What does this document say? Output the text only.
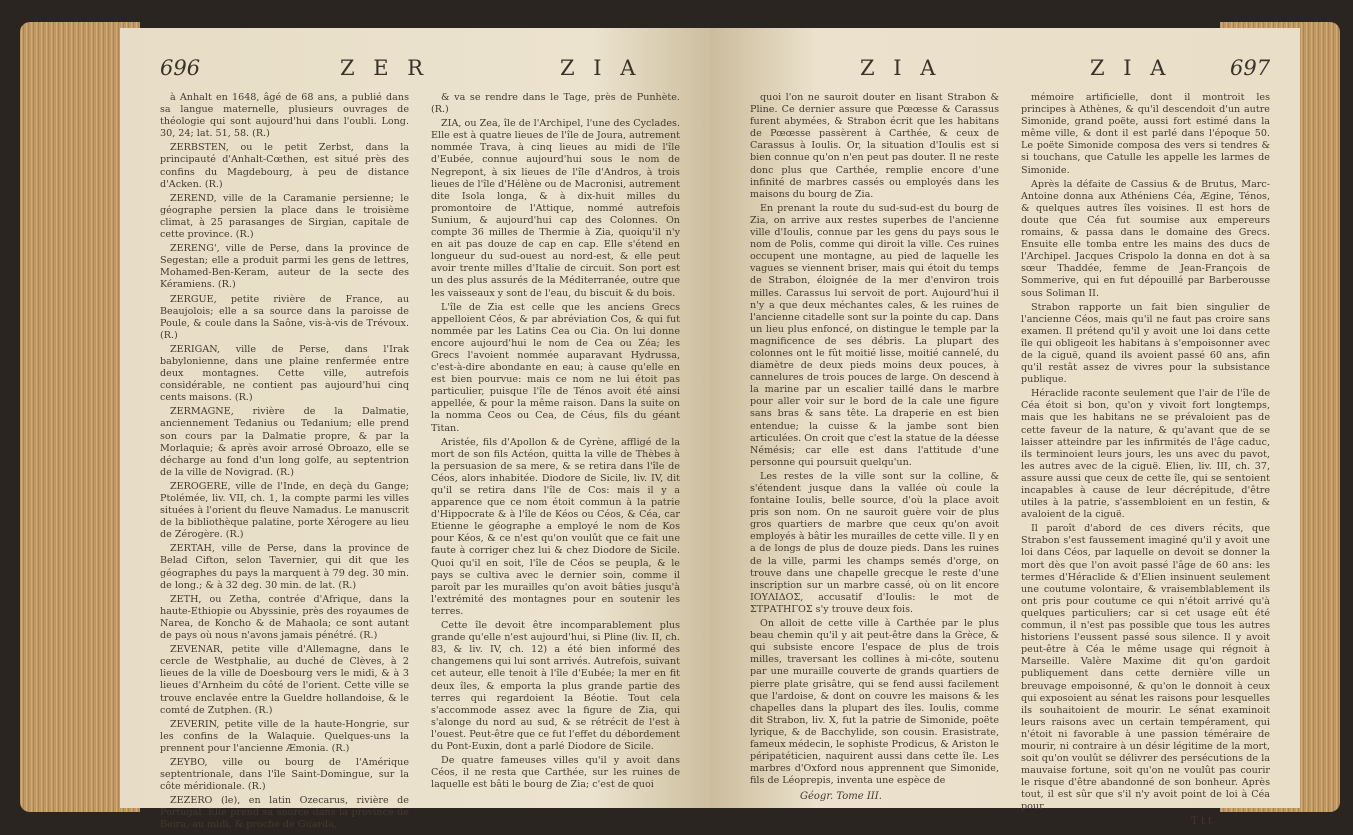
696	Z E R	Z I A

à Anhalt en 1648, âgé de 68 ans, a publié dans sa langue maternelle, plusieurs ouvrages de théologie qui sont aujourd'hui dans l'oubli. Long. 30, 24; lat. 51, 58. (R.)

ZERBSTEN, ou le petit Zerbst, dans la principauté d'Anhalt-Cœthen, est situé près des confins du Magdebourg, à peu de distance d'Acken. (R.)

ZEREND, ville de la Caramanie persienne; le géographe persien la place dans le troisième climat, à 25 parasanges de Sirgian, capitale de cette province. (R.)

ZERENG', ville de Perse, dans la province de Segestan; elle a produit parmi les gens de lettres, Mohamed-Ben-Keram, auteur de la secte des Kéramiens. (R.)

ZERGUE, petite rivière de France, au Beaujolois; elle a sa source dans la paroisse de Poule, & coule dans la Saône, vis-à-vis de Trévoux. (R.)

ZERIGAN, ville de Perse, dans l'Irak babylonienne, dans une plaine renfermée entre deux montagnes. Cette ville, autrefois considérable, ne contient pas aujourd'hui cinq cents maisons. (R.)

ZERMAGNE, rivière de la Dalmatie, anciennement Tedanius ou Tedanium; elle prend son cours par la Dalmatie propre, & par la Morlaquie; & après avoir arrosé Obroazo, elle se décharge au fond d'un long golfe, au septentrion de la ville de Novigrad. (R.)

ZEROGERE, ville de l'Inde, en deçà du Gange; Ptolémée, liv. VII, ch. 1, la compte parmi les villes situées à l'orient du fleuve Namadus. Le manuscrit de la bibliothèque palatine, porte Xérogere au lieu de Zérogère. (R.)

ZERTAH, ville de Perse, dans la province de Belad Cifton, selon Tavernier, qui dit que les géographes du pays la marquent à 79 deg. 30 min. de long.; & à 32 deg. 30 min. de lat. (R.)

ZETH, ou Zetha, contrée d'Afrique, dans la haute-Ethiopie ou Abyssinie, près des royaumes de Narea, de Koncho & de Mahaola; ce sont autant de pays où nous n'avons jamais pénétré. (R.)

ZEVENAR, petite ville d'Allemagne, dans le cercle de Westphalie, au duché de Clèves, à 2 lieues de la ville de Doesbourg vers le midi, & à 3 lieues d'Arnheim du côté de l'orient. Cette ville se trouve enclavée entre la Gueldre hollandoise, & le comté de Zutphen. (R.)

ZEVERIN, petite ville de la haute-Hongrie, sur les confins de la Walaquie. Quelques-uns la prennent pour l'ancienne Æmonia. (R.)

ZEYBO, ville ou bourg de l'Amérique septentrionale, dans l'île Saint-Domingue, sur la côte méridionale. (R.)

ZEZERO (le), en latin Ozecarus, rivière de Portugal. Elle prend sa source dans la province de Beira, au midi, & proche de Guarda,

& va se rendre dans le Tage, près de Punhète. (R.)

ZIA, ou Zea, île de l'Archipel, l'une des Cyclades. Elle est à quatre lieues de l'île de Joura, autrement nommée Trava, à cinq lieues au midi de l'île d'Eubée, connue aujourd'hui sous le nom de Negrepont, à six lieues de l'île d'Andros, à trois lieues de l'île d'Hélène ou de Macronisi, autrement dite Isola longa, & à dix-huit milles du promontoire de l'Attique, nommé autrefois Sunium, & aujourd'hui cap des Colonnes. On compte 36 milles de Thermie à Zia, quoiqu'il n'y en ait pas douze de cap en cap. Elle s'étend en longueur du sud-ouest au nord-est, & elle peut avoir trente milles d'Italie de circuit. Son port est un des plus assurés de la Méditerranée, outre que les vaisseaux y sont de l'eau, du biscuit & du bois.

L'île de Zia est celle que les anciens Grecs appelloient Céos, & par abréviation Cos, & qui fut nommée par les Latins Cea ou Cia. On lui donne encore aujourd'hui le nom de Cea ou Zéa; les Grecs l'avoient nommée auparavant Hydrussa, c'est-à-dire abondante en eau; à cause qu'elle en est bien pourvue: mais ce nom ne lui étoit pas particulier, puisque l'île de Ténos avoit été ainsi appellée, & pour la même raison. Dans la suite on la nomma Ceos ou Cea, de Céus, fils du géant Titan.

Aristée, fils d'Apollon & de Cyrène, affligé de la mort de son fils Actéon, quitta la ville de Thèbes à la persuasion de sa mere, & se retira dans l'île de Céos, alors inhabitée. Diodore de Sicile, liv. IV, dit qu'il se retira dans l'île de Cos: mais il y a apparence que ce nom étoit commun à la patrie d'Hippocrate & à l'île de Kéos ou Céos, & Céa, car Etienne le géographe a employé le nom de Kos pour Kéos, & ce n'est qu'on voulût que ce fait une faute à corriger chez lui & chez Diodore de Sicile. Quoi qu'il en soit, l'île de Céos se peupla, & le pays se cultiva avec le dernier soin, comme il paroît par les murailles qu'on avoit bâties jusqu'à l'extrémité des montagnes pour en soutenir les terres.

Cette île devoit être incomparablement plus grande qu'elle n'est aujourd'hui, si Pline (liv. II, ch. 83, & liv. IV, ch. 12) a été bien informé des changemens qui lui sont arrivés. Autrefois, suivant cet auteur, elle tenoit à l'île d'Eubée; la mer en fit deux îles, & emporta la plus grande partie des terres qui regardoient la Béotie. Tout cela s'accommode assez avec la figure de Zia, qui s'alonge du nord au sud, & se rétrécit de l'est à l'ouest. Peut-être que ce fut l'effet du débordement du Pont-Euxin, dont a parlé Diodore de Sicile.

De quatre fameuses villes qu'il y avoit dans Céos, il ne resta que Carthée, sur les ruines de laquelle est bâti le bourg de Zia; c'est de quoi

Z I A	Z I A	697

quoi l'on ne sauroit douter en lisant Strabon & Pline. Ce dernier assure que Pœœsse & Carassus furent abymées, & Strabon écrit que les habitans de Pœœsse passèrent à Carthée, & ceux de Carassus à Ioulis. Or, la situation d'Ioulis est si bien connue qu'on n'en peut pas douter. Il ne reste donc plus que Carthée, remplie encore d'une infinité de marbres cassés ou employés dans les maisons du bourg de Zia.

En prenant la route du sud-sud-est du bourg de Zia, on arrive aux restes superbes de l'ancienne ville d'Ioulis, connue par les gens du pays sous le nom de Polis, comme qui diroit la ville. Ces ruines occupent une montagne, au pied de laquelle les vagues se viennent briser, mais qui étoit du temps de Strabon, éloignée de la mer d'environ trois milles. Carassus lui servoit de port. Aujourd'hui il n'y a que deux méchantes cales, & les ruines de l'ancienne citadelle sont sur la pointe du cap. Dans un lieu plus enfoncé, on distingue le temple par la magnificence de ses débris. La plupart des colonnes ont le fût moitié lisse, moitié cannelé, du diamètre de deux pieds moins deux pouces, à cannelures de trois pouces de large. On descend à la marine par un escalier taillé dans le marbre pour aller voir sur le bord de la cale une figure sans bras & sans tête. La draperie en est bien entendue; la cuisse & la jambe sont bien articulées. On croit que c'est la statue de la déesse Némésis; car elle est dans l'attitude d'une personne qui poursuit quelqu'un.

Les restes de la ville sont sur la colline, & s'étendent jusque dans la vallée où coule la fontaine Ioulis, belle source, d'où la place avoit pris son nom. On ne sauroit guère voir de plus gros quartiers de marbre que ceux qu'on avoit employés à bâtir les murailles de cette ville. Il y en a de longs de plus de douze pieds. Dans les ruines de la ville, parmi les champs semés d'orge, on trouve dans une chapelle grecque le reste d'une inscription sur un marbre cassé, où on lit encore ΙΟΥΛΙΔΟΣ, accusatif d'Ioulis: le mot de ΣΤΡΑΤΗΓΟΣ s'y trouve deux fois.

On alloit de cette ville à Carthée par le plus beau chemin qu'il y ait peut-être dans la Grèce, & qui subsiste encore l'espace de plus de trois milles, traversant les collines à mi-côte, soutenu par une muraille couverte de grands quartiers de pierre plate grisâtre, qui se fend aussi facilement que l'ardoise, & dont on couvre les maisons & les chapelles dans la plupart des îles. Ioulis, comme dit Strabon, liv. X, fut la patrie de Simonide, poëte lyrique, & de Bacchylide, son cousin. Erasistrate, fameux médecin, le sophiste Prodicus, & Ariston le péripatéticien, naquirent aussi dans cette île. Les marbres d'Oxford nous apprennent que Simonide, fils de Léoprepis, inventa une espèce de

Géogr. Tome III.

mémoire artificielle, dont il montroit les principes à Athènes, & qu'il descendoit d'un autre Simonide, grand poëte, aussi fort estimé dans la même ville, & dont il est parlé dans l'époque 50. Le poëte Simonide composa des vers si tendres & si touchans, que Catulle les appelle les larmes de Simonide.

Après la défaite de Cassius & de Brutus, Marc-Antoine donna aux Athéniens Céa, Ægine, Ténos, & quelques autres îles voisines. Il est hors de doute que Céa fut soumise aux empereurs romains, & passa dans le domaine des Grecs. Ensuite elle tomba entre les mains des ducs de l'Archipel. Jacques Crispolo la donna en dot à sa sœur Thaddée, femme de Jean-François de Sommerive, qui en fut dépouillé par Barberousse sous Soliman II.

Strabon rapporte un fait bien singulier de l'ancienne Céos, mais qu'il ne faut pas croire sans examen. Il prétend qu'il y avoit une loi dans cette île qui obligeoit les habitans à s'empoisonner avec de la ciguë, quand ils avoient passé 60 ans, afin qu'il restât assez de vivres pour la subsistance publique.

Héraclide raconte seulement que l'air de l'île de Céa étoit si bon, qu'on y vivoit fort longtemps, mais que les habitans ne se prévaloient pas de cette faveur de la nature, & qu'avant que de se laisser atteindre par les infirmités de l'âge caduc, ils terminoient leurs jours, les uns avec du pavot, les autres avec de la ciguë. Elien, liv. III, ch. 37, assure aussi que ceux de cette île, qui se sentoient incapables à cause de leur décrépitude, d'être utiles à la patrie, s'assembloient en un festin, & avaloient de la ciguë.

Il paroît d'abord de ces divers récits, que Strabon s'est faussement imaginé qu'il y avoit une loi dans Céos, par laquelle on devoit se donner la mort dès que l'on avoit passé l'âge de 60 ans: les termes d'Héraclide & d'Elien insinuent seulement une coutume volontaire, & vraisemblablement ils ont pris pour coutume ce qui n'étoit arrivé qu'à quelques particuliers; car si cet usage eût été commun, il n'est pas possible que tous les autres historiens l'eussent passé sous silence. Il y avoit peut-être à Céa le même usage qui régnoit à Marseille. Valère Maxime dit qu'on gardoit publiquement dans cette dernière ville un breuvage empoisonné, & qu'on le donnoit à ceux qui exposoient au sénat les raisons pour lesquelles ils souhaitoient de mourir. Le sénat examinoit leurs raisons avec un certain tempérament, qui n'étoit ni favorable à une passion téméraire de mourir, ni contraire à un désir légitime de la mort, soit qu'on voulût se délivrer des persécutions de la mauvaise fortune, soit qu'on ne voulût pas courir le risque d'être abandonné de son bonheur. Après tout, il est sûr que s'il n'y avoit point de loi à Céa pour

T t t
